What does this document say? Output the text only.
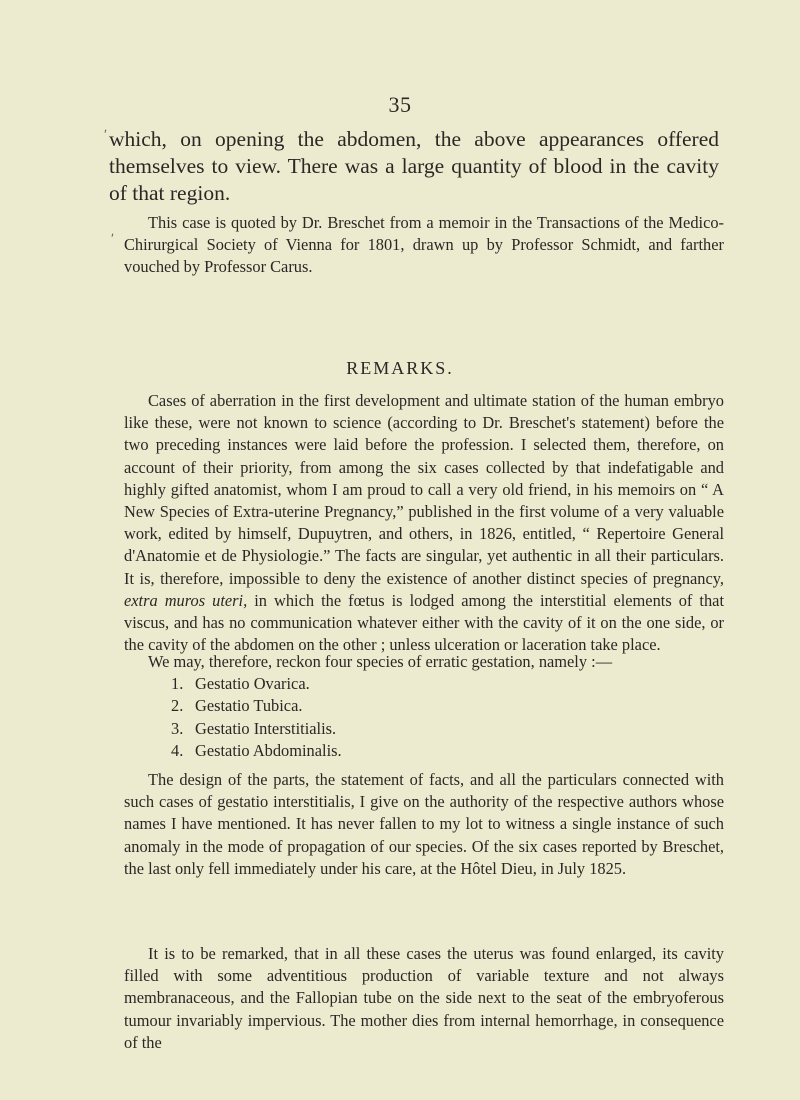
35
which, on opening the abdomen, the above appearances offered themselves to view. There was a large quantity of blood in the cavity of that region.
This case is quoted by Dr. Breschet from a memoir in the Transactions of the Medico-Chirurgical Society of Vienna for 1801, drawn up by Professor Schmidt, and farther vouched by Professor Carus.
REMARKS.
Cases of aberration in the first development and ultimate station of the human embryo like these, were not known to science (according to Dr. Breschet's statement) before the two preceding instances were laid before the profession. I selected them, therefore, on account of their priority, from among the six cases collected by that indefatigable and highly gifted anatomist, whom I am proud to call a very old friend, in his memoirs on “ A New Species of Extra-uterine Pregnancy,” published in the first volume of a very valuable work, edited by himself, Dupuytren, and others, in 1826, entitled, “ Repertoire General d'Anatomie et de Physiologie.” The facts are singular, yet authentic in all their particulars. It is, therefore, impossible to deny the existence of another distinct species of pregnancy, extra muros uteri, in which the fœtus is lodged among the interstitial elements of that viscus, and has no communication whatever either with the cavity of it on the one side, or the cavity of the abdomen on the other ; unless ulceration or laceration take place.
We may, therefore, reckon four species of erratic gestation, namely :—
1. Gestatio Ovarica.
2. Gestatio Tubica.
3. Gestatio Interstitialis.
4. Gestatio Abdominalis.
The design of the parts, the statement of facts, and all the particulars connected with such cases of gestatio interstitialis, I give on the authority of the respective authors whose names I have mentioned. It has never fallen to my lot to witness a single instance of such anomaly in the mode of propagation of our species. Of the six cases reported by Breschet, the last only fell immediately under his care, at the Hôtel Dieu, in July 1825.
It is to be remarked, that in all these cases the uterus was found enlarged, its cavity filled with some adventitious production of variable texture and not always membranaceous, and the Fallopian tube on the side next to the seat of the embryoferous tumour invariably impervious. The mother dies from internal hemorrhage, in consequence of the
ʹ
ʹ
